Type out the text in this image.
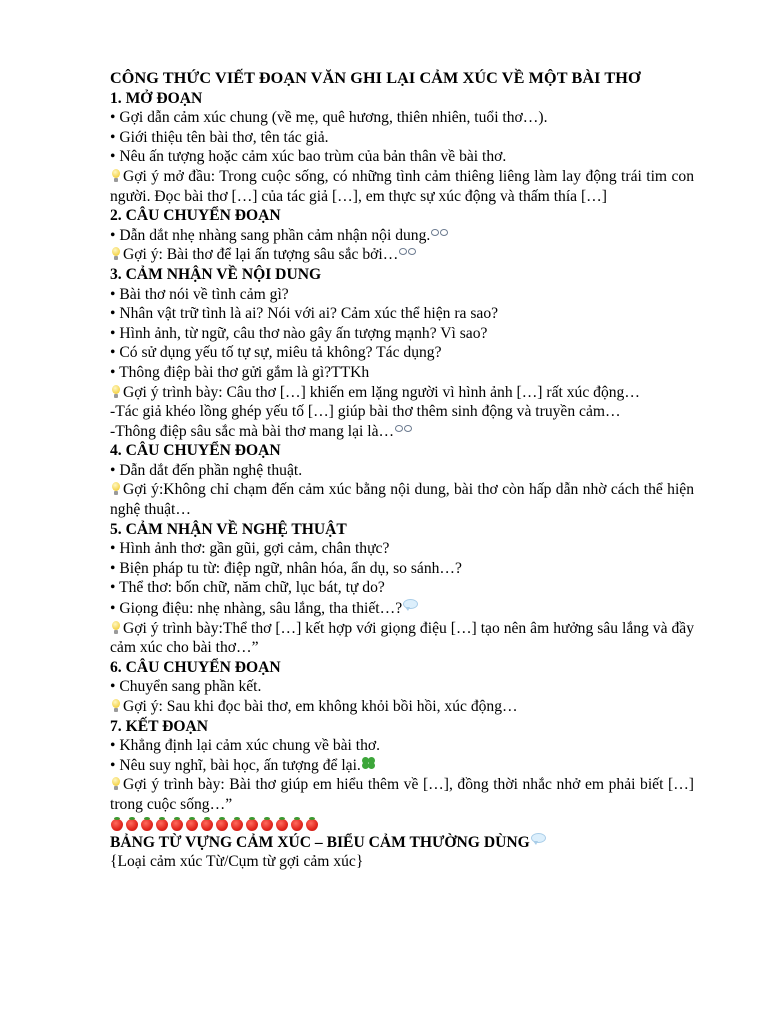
CÔNG THỨC VIẾT ĐOẠN VĂN GHI LẠI CẢM XÚC VỀ MỘT BÀI THƠ
1. MỞ ĐOẠN
• Gợi dẫn cảm xúc chung (về mẹ, quê hương, thiên nhiên, tuổi thơ…).
• Giới thiệu tên bài thơ, tên tác giả.
• Nêu ấn tượng hoặc cảm xúc bao trùm của bản thân về bài thơ.
Gợi ý mở đầu: Trong cuộc sống, có những tình cảm thiêng liêng làm lay động trái tim con người. Đọc bài thơ […] của tác giả […], em thực sự xúc động và thấm thía […]
2. CÂU CHUYỂN ĐOẠN
• Dẫn dắt nhẹ nhàng sang phần cảm nhận nội dung.
Gợi ý: Bài thơ để lại ấn tượng sâu sắc bởi…
3. CẢM NHẬN VỀ NỘI DUNG
• Bài thơ nói về tình cảm gì?
• Nhân vật trữ tình là ai? Nói với ai? Cảm xúc thể hiện ra sao?
• Hình ảnh, từ ngữ, câu thơ nào gây ấn tượng mạnh? Vì sao?
• Có sử dụng yếu tố tự sự, miêu tả không? Tác dụng?
• Thông điệp bài thơ gửi gắm là gì?TTKh
Gợi ý trình bày: Câu thơ […] khiến em lặng người vì hình ảnh […] rất xúc động…
-Tác giả khéo lồng ghép yếu tố […] giúp bài thơ thêm sinh động và truyền cảm…
-Thông điệp sâu sắc mà bài thơ mang lại là…
4. CÂU CHUYỂN ĐOẠN
• Dẫn dắt đến phần nghệ thuật.
Gợi ý:Không chỉ chạm đến cảm xúc bằng nội dung, bài thơ còn hấp dẫn nhờ cách thể hiện nghệ thuật…
5. CẢM NHẬN VỀ NGHỆ THUẬT
• Hình ảnh thơ: gần gũi, gợi cảm, chân thực?
• Biện pháp tu từ: điệp ngữ, nhân hóa, ẩn dụ, so sánh…?
• Thể thơ: bốn chữ, năm chữ, lục bát, tự do?
• Giọng điệu: nhẹ nhàng, sâu lắng, tha thiết…?
Gợi ý trình bày:Thể thơ […] kết hợp với giọng điệu […] tạo nên âm hưởng sâu lắng và đầy cảm xúc cho bài thơ…”
6. CÂU CHUYỂN ĐOẠN
• Chuyển sang phần kết.
Gợi ý: Sau khi đọc bài thơ, em không khỏi bồi hồi, xúc động…
7. KẾT ĐOẠN
• Khẳng định lại cảm xúc chung về bài thơ.
• Nêu suy nghĩ, bài học, ấn tượng để lại.
Gợi ý trình bày: Bài thơ giúp em hiểu thêm về […], đồng thời nhắc nhở em phải biết […] trong cuộc sống…”
BẢNG TỪ VỰNG CẢM XÚC – BIỂU CẢM THƯỜNG DÙNG
{Loại cảm xúc Từ/Cụm từ gợi cảm xúc}
